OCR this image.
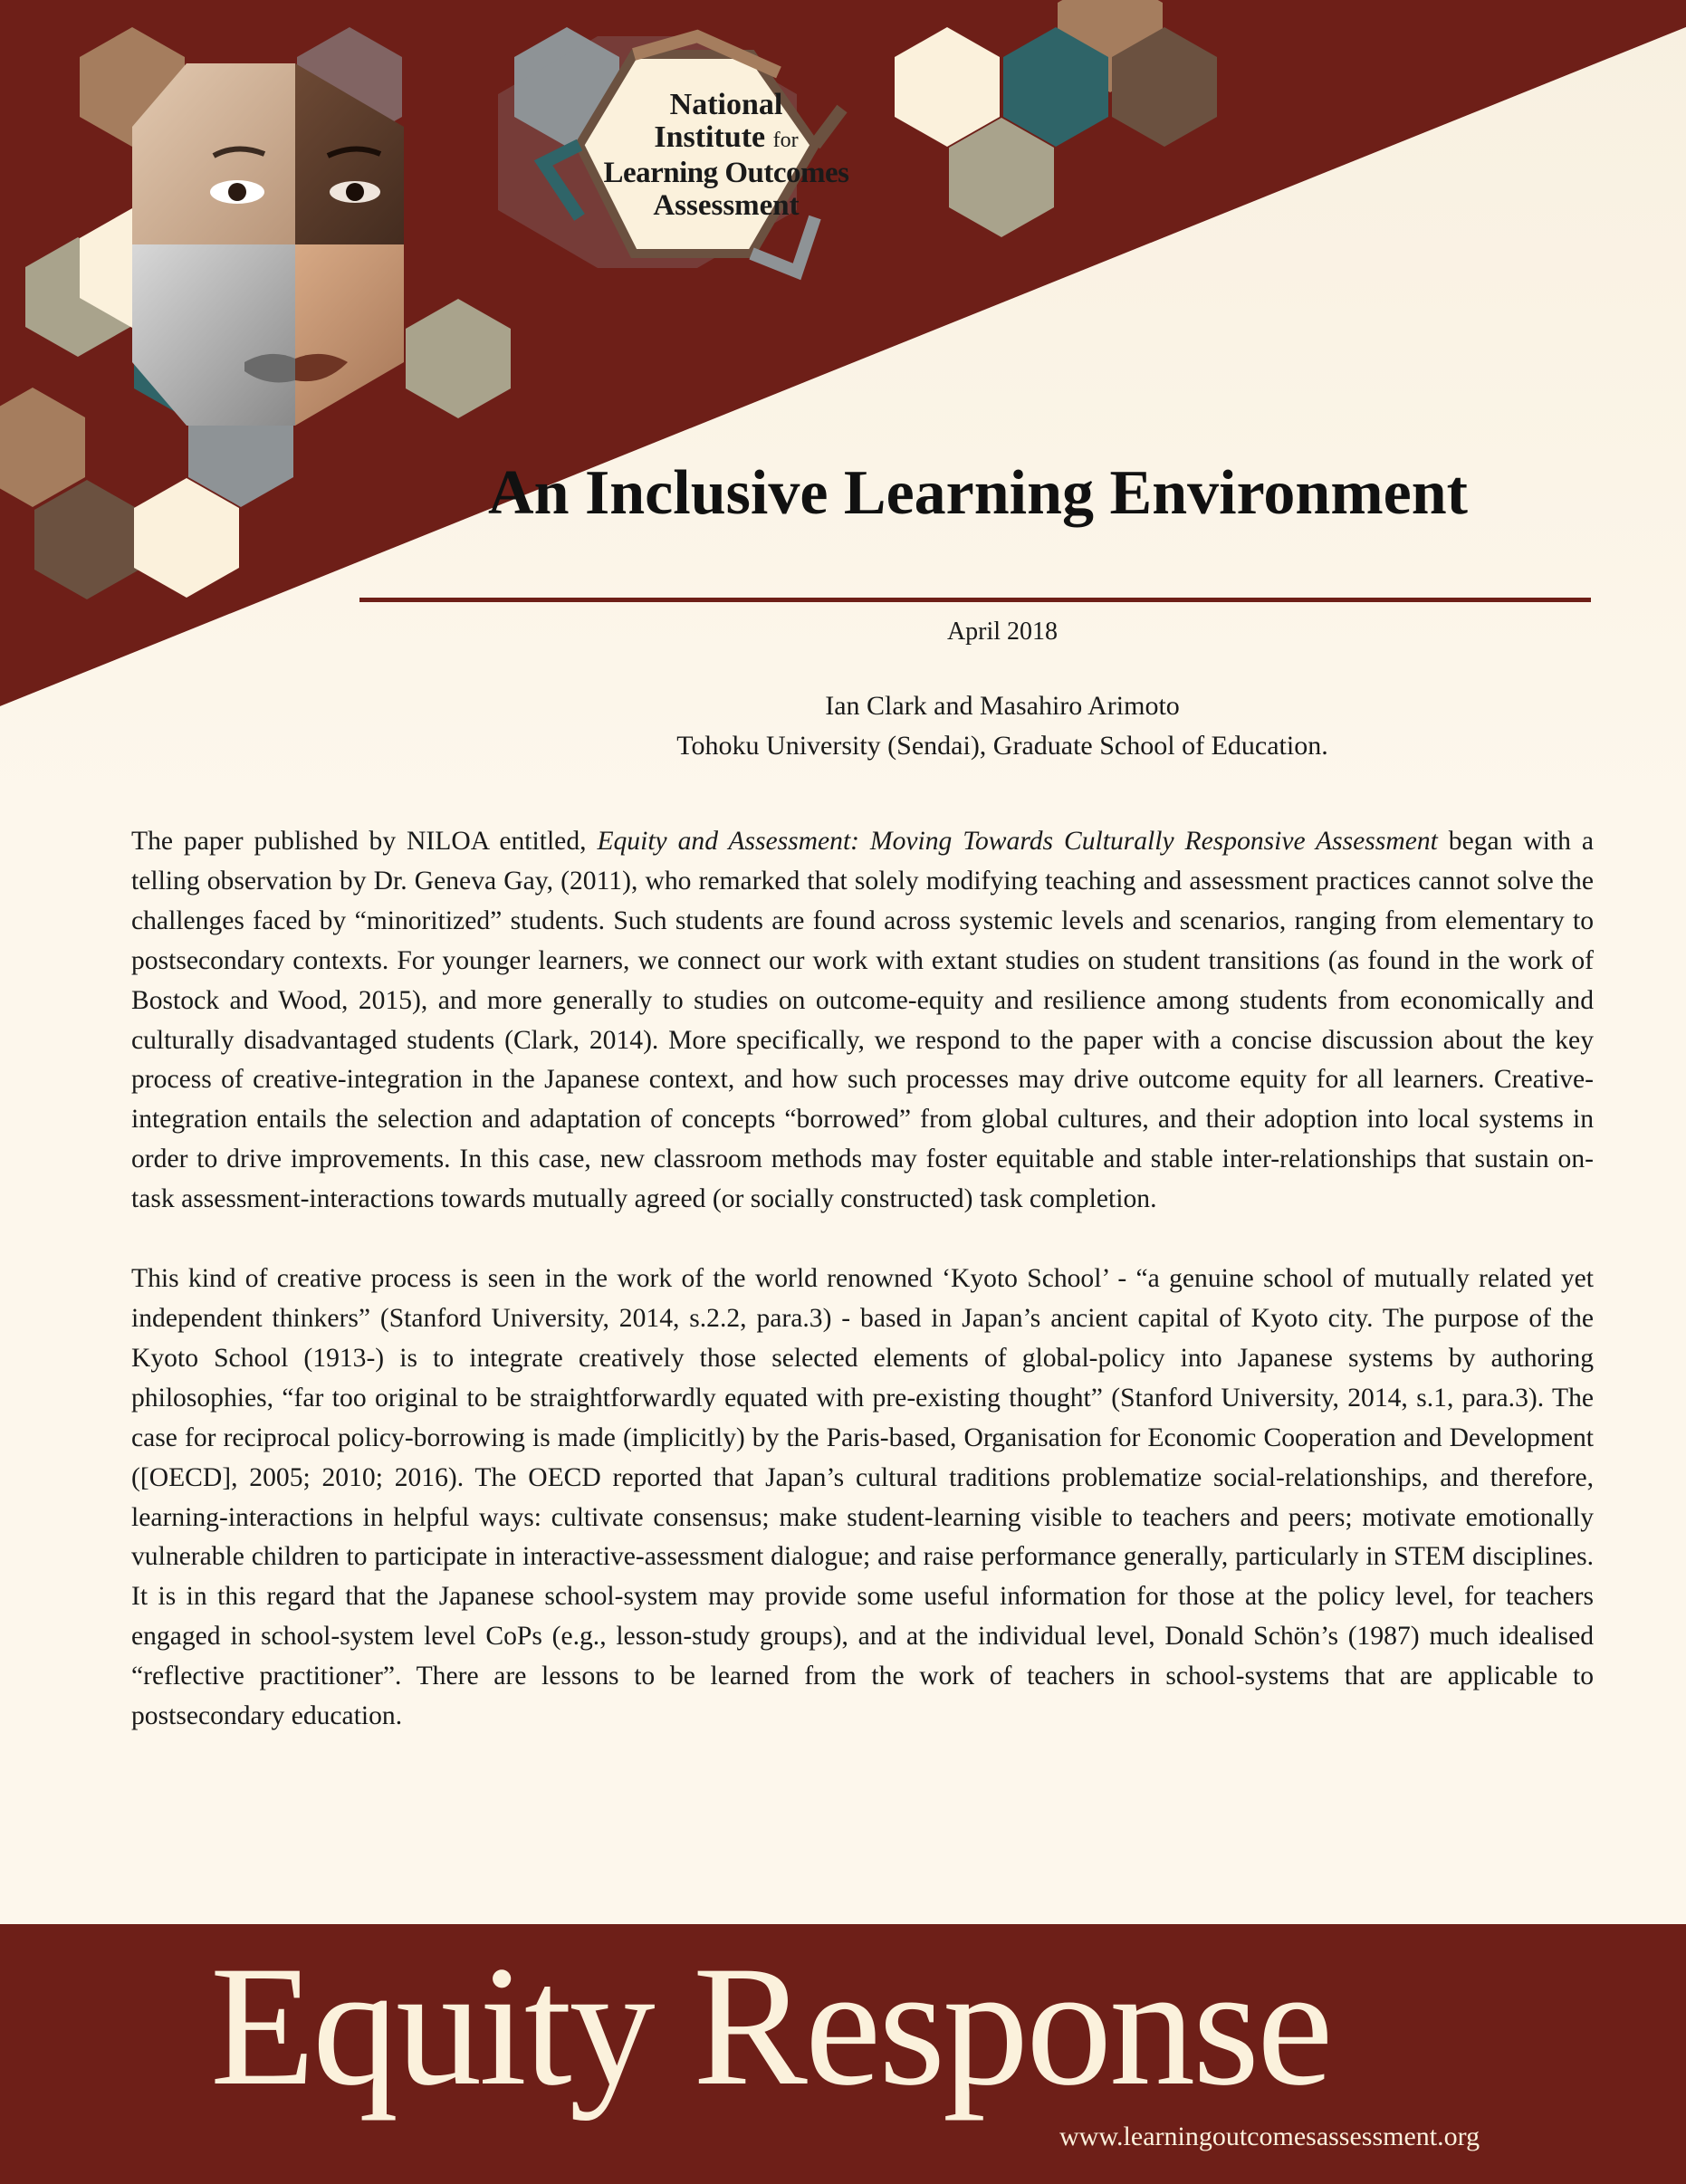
National
Institute for
Learning Outcomes
Assessment
An Inclusive Learning Environment
April 2018
Ian Clark and Masahiro Arimoto
Tohoku University (Sendai), Graduate School of Education.

The paper published by NILOA entitled, Equity and Assessment: Moving Towards Culturally Responsive Assessment began with a telling observation by Dr. Geneva Gay, (2011), who remarked that solely modifying teaching and assessment practices cannot solve the challenges faced by “minoritized” students. Such students are found across systemic levels and scenarios, ranging from elementary to postsecondary contexts. For younger learners, we connect our work with extant studies on student transitions (as found in the work of Bostock and Wood, 2015), and more generally to studies on outcome-equity and resilience among students from economically and culturally disadvantaged students (Clark, 2014). More specifically, we respond to the paper with a concise discussion about the key process of creative-integration in the Japanese context, and how such processes may drive outcome equity for all learners. Creative-integration entails the selection and adaptation of concepts “borrowed” from global cultures, and their adoption into local systems in order to drive improvements. In this case, new classroom methods may foster equitable and stable inter-relationships that sustain on-task assessment-interactions towards mutually agreed (or socially constructed) task completion.

This kind of creative process is seen in the work of the world renowned ‘Kyoto School’ - “a genuine school of mutually related yet independent thinkers” (Stanford University, 2014, s.2.2, para.3) - based in Japan’s ancient capital of Kyoto city. The purpose of the Kyoto School (1913-) is to integrate creatively those selected elements of global-policy into Japanese systems by authoring philosophies, “far too original to be straightforwardly equated with pre-existing thought” (Stanford University, 2014, s.1, para.3). The case for reciprocal policy-borrowing is made (implicitly) by the Paris-based, Organisation for Economic Cooperation and Development ([OECD], 2005; 2010; 2016). The OECD reported that Japan’s cultural traditions problematize social-relationships, and therefore, learning-interactions in helpful ways: cultivate consensus; make student-learning visible to teachers and peers; motivate emotionally vulnerable children to participate in interactive-assessment dialogue; and raise performance generally, particularly in STEM disciplines. It is in this regard that the Japanese school-system may provide some useful information for those at the policy level, for teachers engaged in school-system level CoPs (e.g., lesson-study groups), and at the individual level, Donald Schön’s (1987) much idealised “reflective practitioner”. There are lessons to be learned from the work of teachers in school-systems that are applicable to postsecondary education.

Equity Response
www.learningoutcomesassessment.org
